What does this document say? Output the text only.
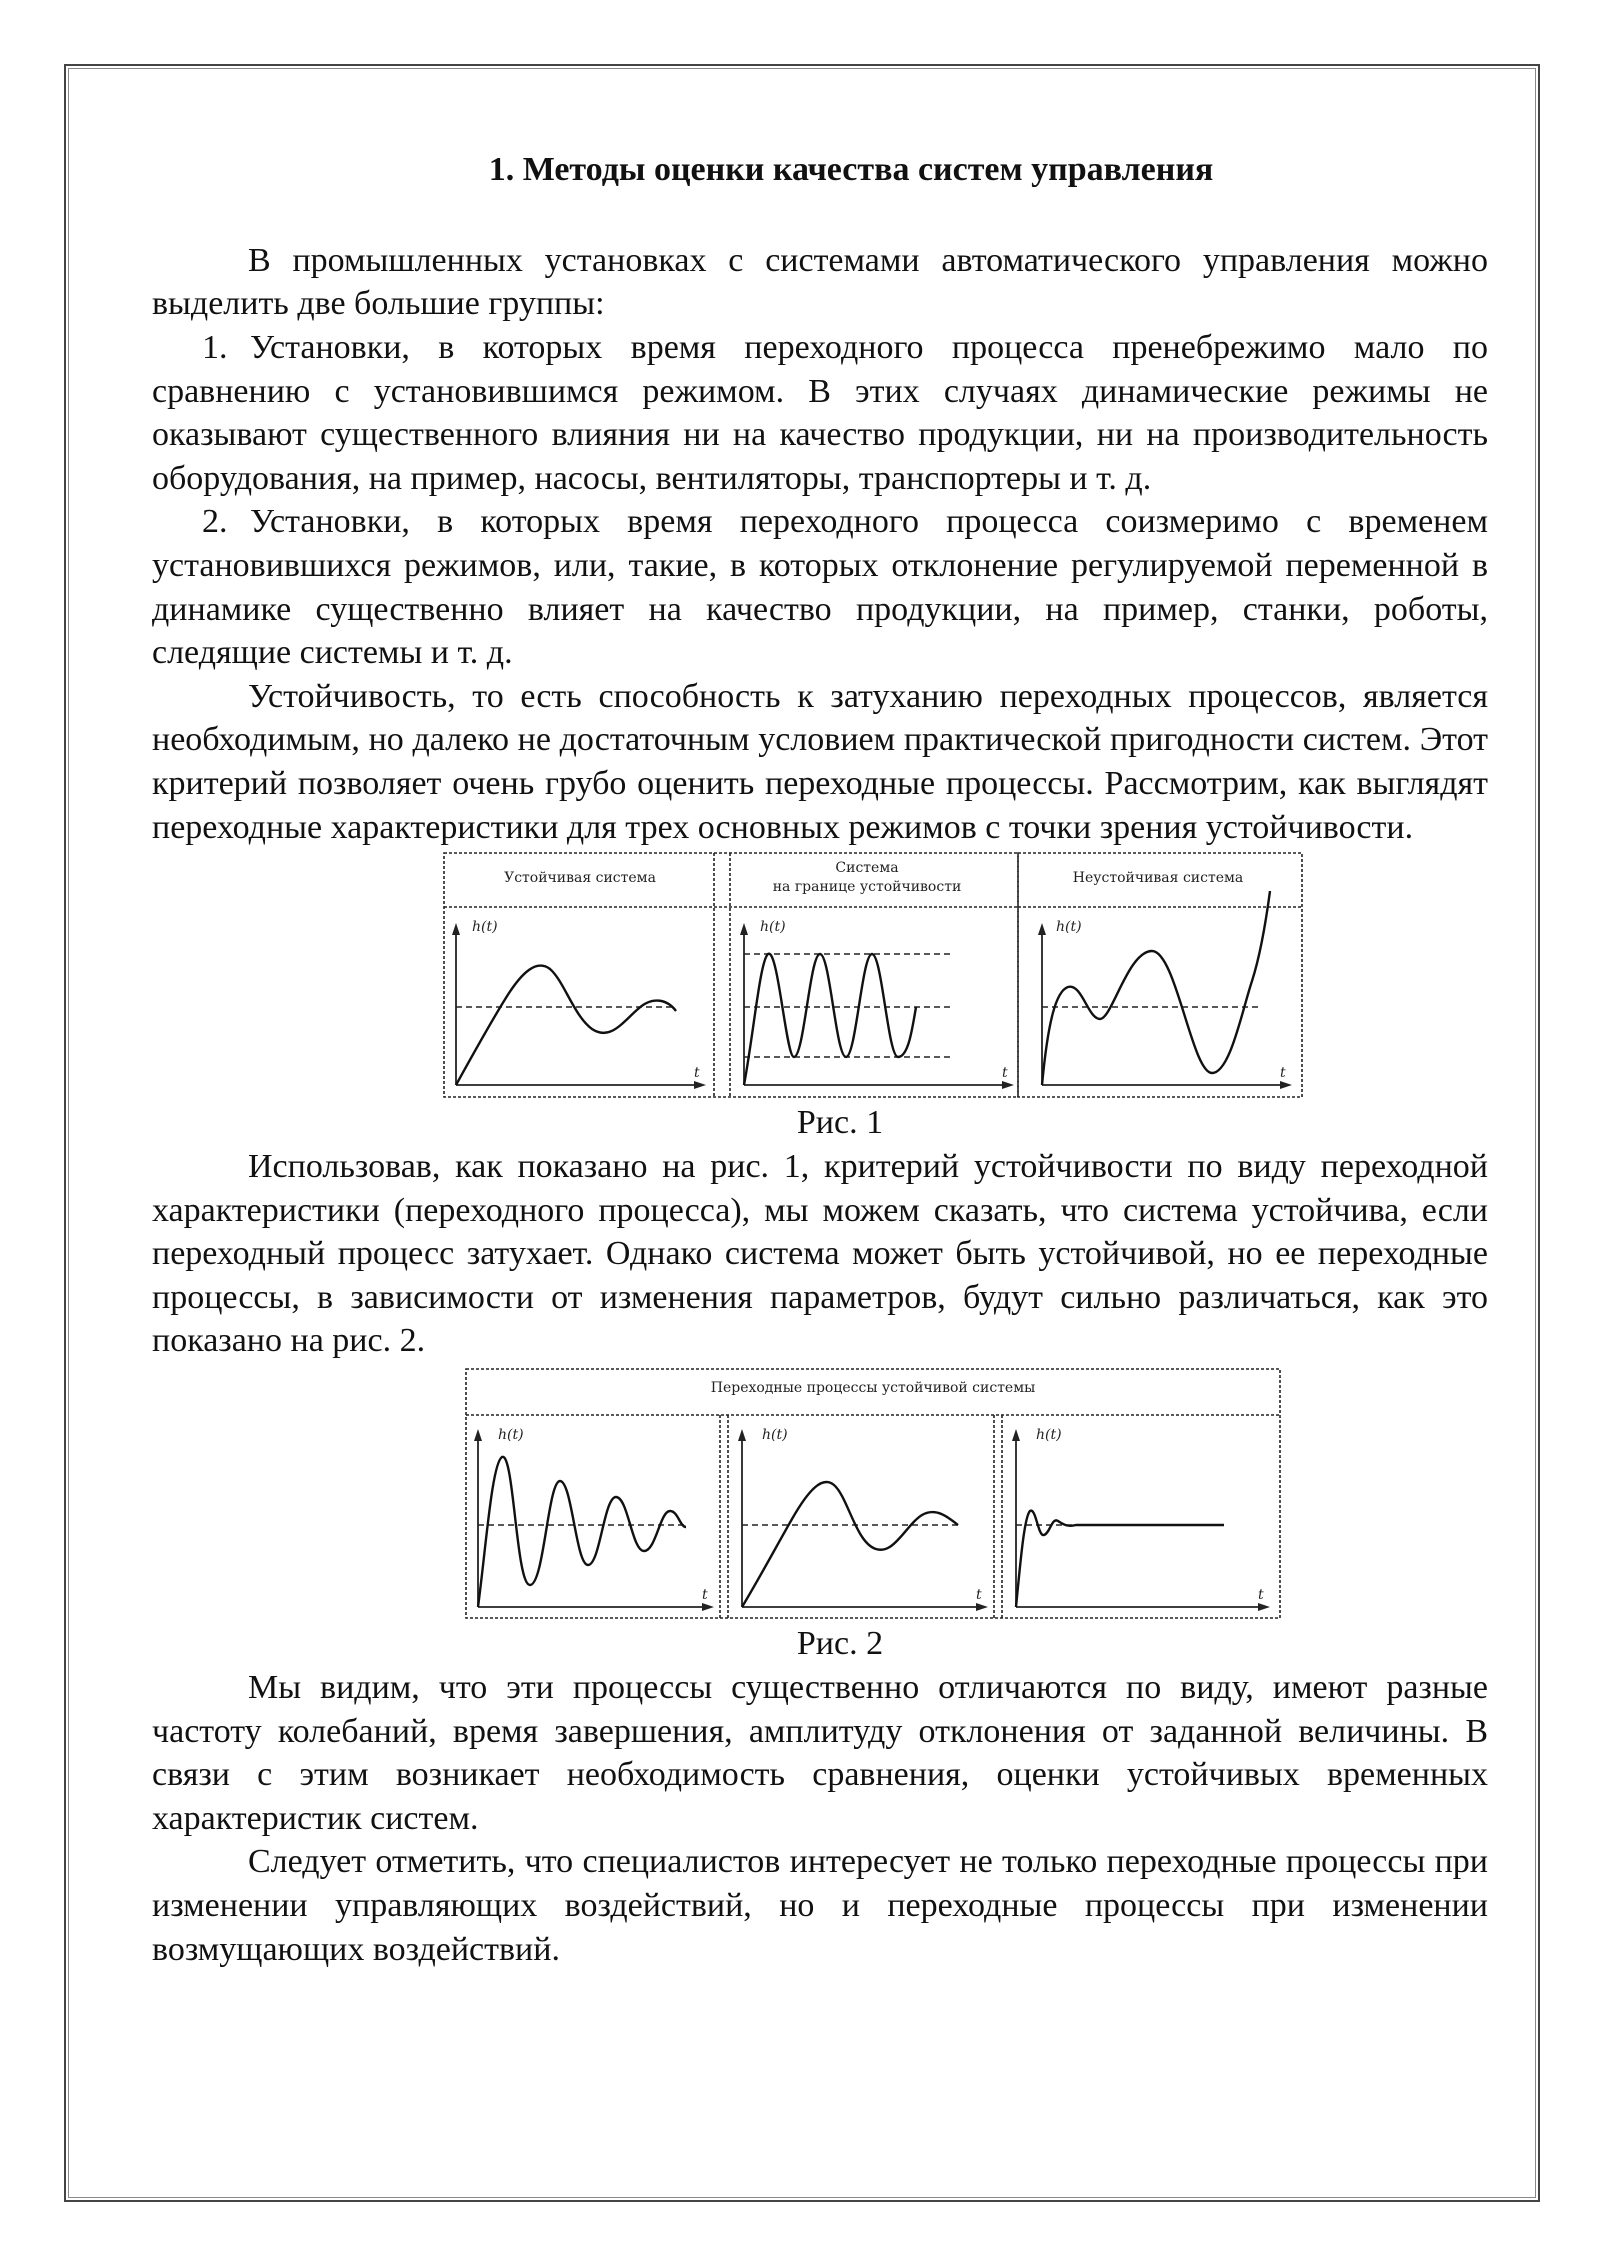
1. Методы оценки качества систем управления

В промышленных установках с системами автоматического управления можно выделить две большие группы:

1. Установки, в которых время переходного процесса пренебрежимо мало по сравнению с установившимся режимом. В этих случаях динамические режимы не оказывают существенного влияния ни на качество продукции, ни на производительность оборудования, на пример, насосы, вентиляторы, транспортеры и т. д.
2. Установки, в которых время переходного процесса соизмеримо с временем установившихся режимов, или, такие, в которых отклонение регулируемой переменной в динамике существенно влияет на качество продукции, на пример, станки, роботы, следящие системы и т. д.

Устойчивость, то есть способность к затуханию переходных процессов, является необходимым, но далеко не достаточным условием практической пригодности систем. Этот критерий позволяет очень грубо оценить переходные процессы. Рассмотрим, как выглядят переходные характеристики для трех основных режимов с точки зрения устойчивости.

Устойчивая система
Система
на границе устойчивости
h(t)	h(t)
t	t
Неустойчивая система
h(t)
t
Рис. 1

Использовав, как показано на рис. 1, критерий устойчивости по виду переходной характеристики (переходного процесса), мы можем сказать, что система устойчива, если переходный процесс затухает. Однако система может быть устойчивой, но ее переходные процессы, в зависимости от изменения параметров, будут сильно различаться, как это показано на рис. 2.

Переходные процессы устойчивой системы
h(t)
t
h(t)
t
h(t)
t
Рис. 2

Мы видим, что эти процессы существенно отличаются по виду, имеют разные частоту колебаний, время завершения, амплитуду отклонения от заданной величины. В связи с этим возникает необходимость сравнения, оценки устойчивых временных характеристик систем.

Следует отметить, что специалистов интересует не только переходные процессы при изменении управляющих воздействий, но и переходные процессы при изменении возмущающих воздействий.
